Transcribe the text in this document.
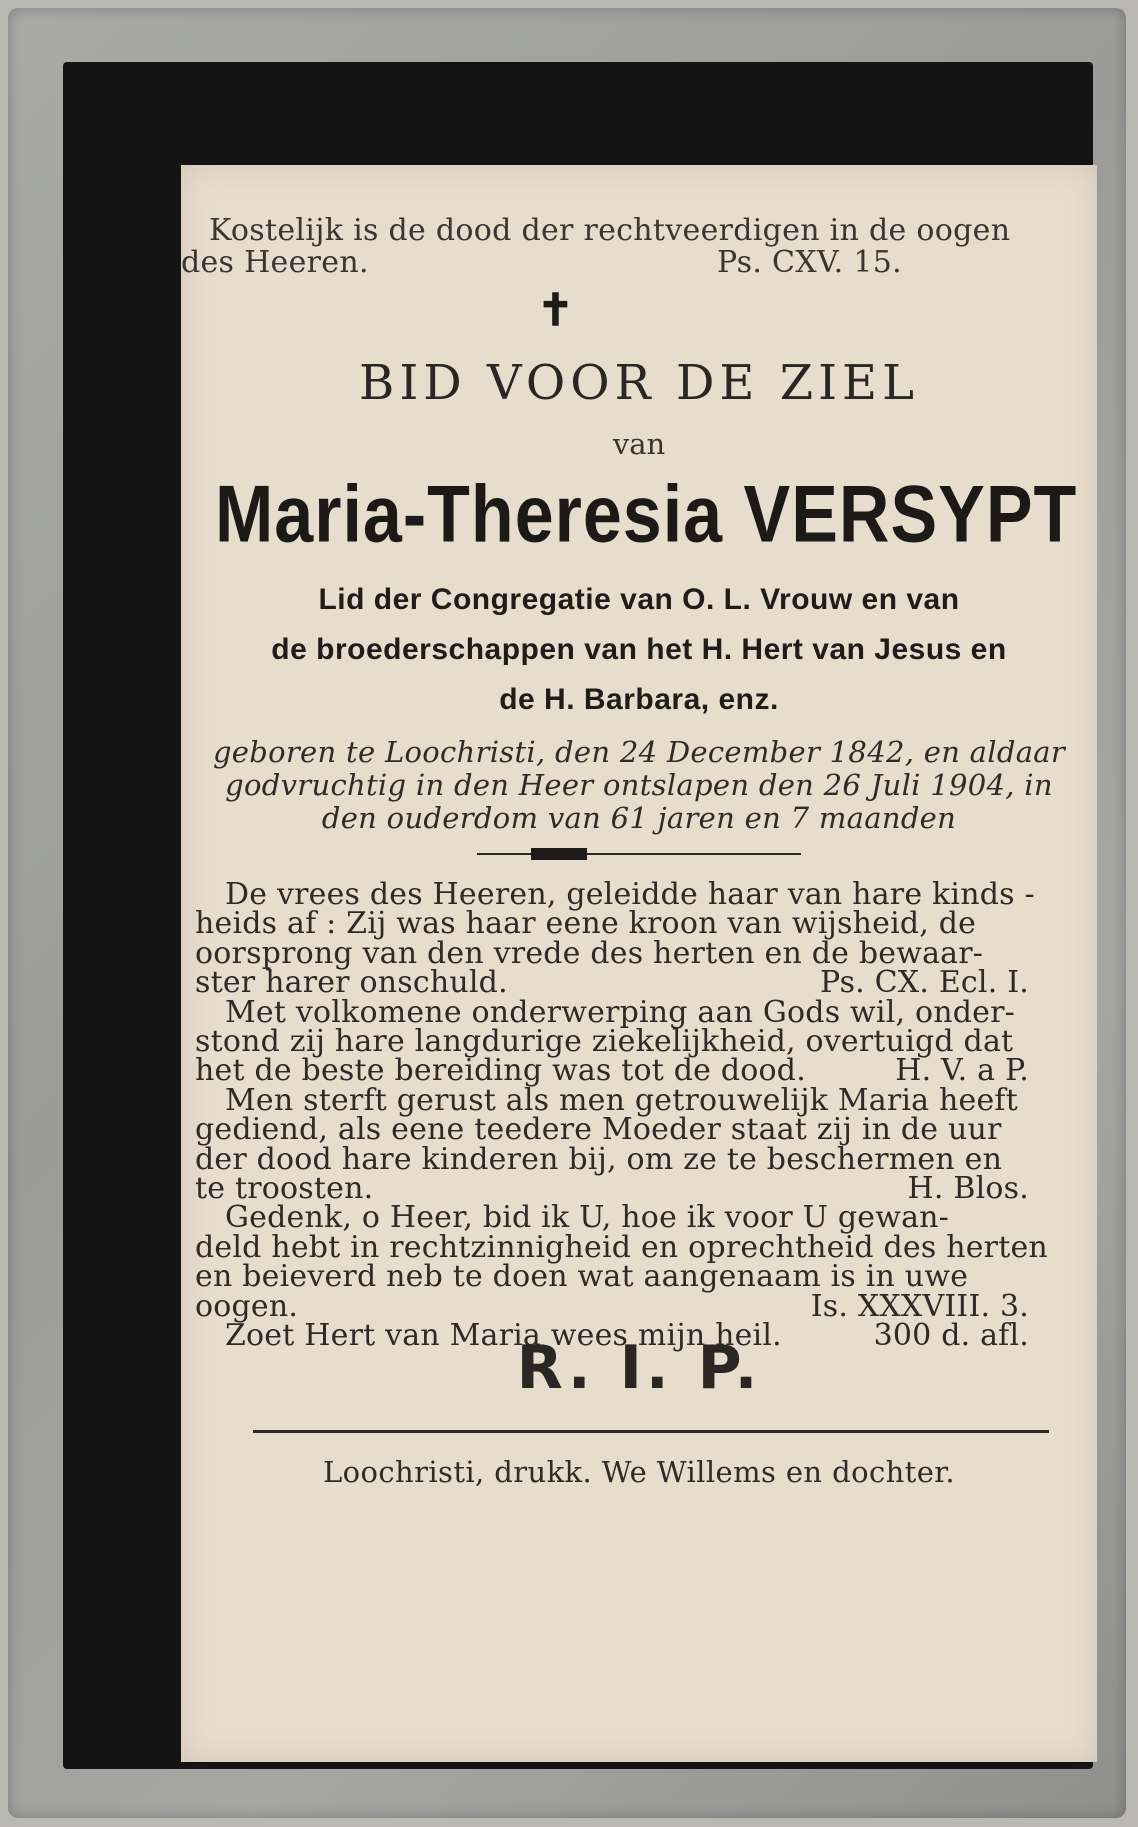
Kostelijk is de dood der rechtveerdigen in de oogen
des Heeren.	Ps. CXV. 15.
✝
BID VOOR DE ZIEL
van
Maria-Theresia VERSYPT
Lid der Congregatie van O. L. Vrouw en van
de broederschappen van het H. Hert van Jesus en
de H. Barbara, enz.
geboren te Loochristi, den 24 December 1842, en aldaar
godvruchtig in den Heer ontslapen den 26 Juli 1904, in
den ouderdom van 61 jaren en 7 maanden
De vrees des Heeren, geleidde haar van hare kinds -
heids af : Zij was haar eene kroon van wijsheid, de
oorsprong van den vrede des herten en de bewaar-
ster harer onschuld.	Ps. CX. Ecl. I.
Met volkomene onderwerping aan Gods wil, onder-
stond zij hare langdurige ziekelijkheid, overtuigd dat
het de beste bereiding was tot de dood.	H. V. a P.
Men sterft gerust als men getrouwelijk Maria heeft
gediend, als eene teedere Moeder staat zij in de uur
der dood hare kinderen bij, om ze te beschermen en
te troosten.	H. Blos.
Gedenk, o Heer, bid ik U, hoe ik voor U gewan-
deld hebt in rechtzinnigheid en oprechtheid des herten
en beieverd neb te doen wat aangenaam is in uwe
oogen.	Is. XXXVIII. 3.
Zoet Hert van Maria wees mijn heil.	300 d. afl.
R. I. P.
Loochristi, drukk. We Willems en dochter.
